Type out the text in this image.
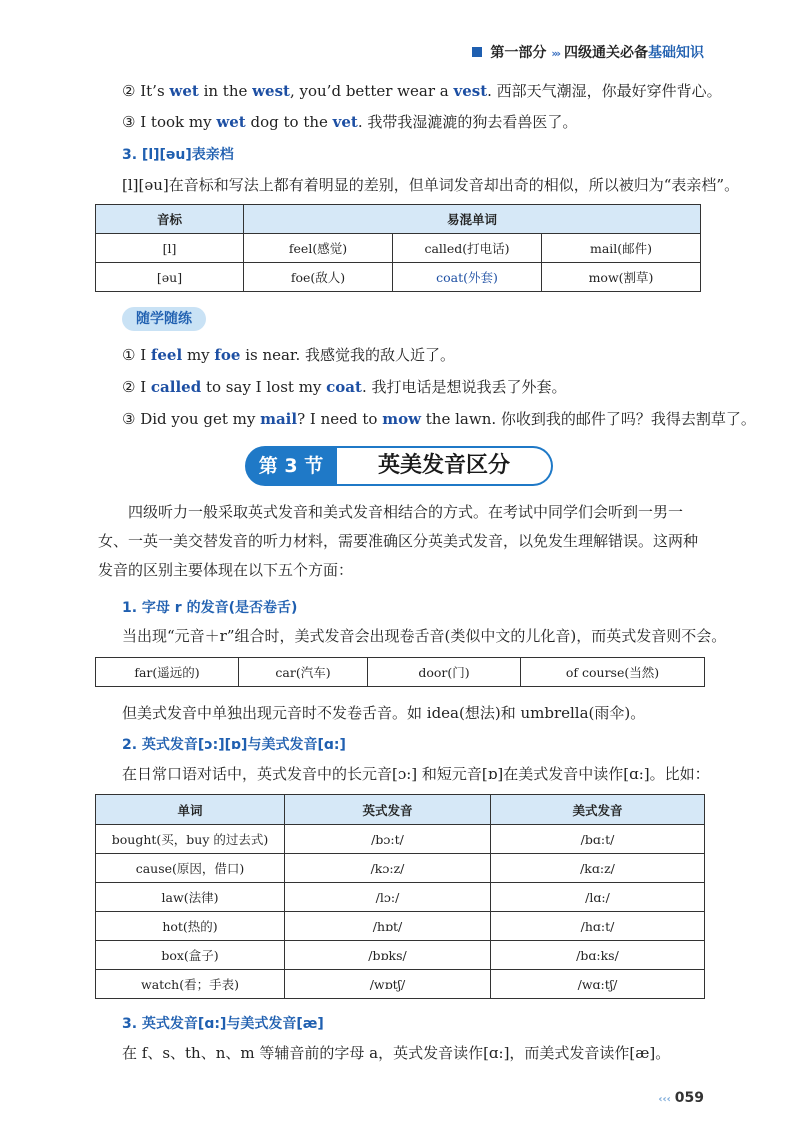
第一部分 ››› 四级通关必备基础知识
② It’s wet in the west, you’d better wear a vest. 西部天气潮湿，你最好穿件背心。
③ I took my wet dog to the vet. 我带我湿漉漉的狗去看兽医了。
3. [l][əu]表亲档
[l][əu]在音标和写法上都有着明显的差别，但单词发音却出奇的相似，所以被归为“表亲档”。
音标	易混单词		
[l]	feel(感觉)	called(打电话)	mail(邮件)
[əu]	foe(敌人)	coat(外套)	mow(割草)
随学随练
① I feel my foe is near. 我感觉我的敌人近了。
② I called to say I lost my coat. 我打电话是想说我丢了外套。
③ Did you get my mail? I need to mow the lawn. 你收到我的邮件了吗？我得去割草了。
第 3 节	英美发音区分
四级听力一般采取英式发音和美式发音相结合的方式。在考试中同学们会听到一男一女、一英一美交替发音的听力材料，需要准确区分英美式发音，以免发生理解错误。这两种发音的区别主要体现在以下五个方面：
1. 字母 r 的发音(是否卷舌)
当出现“元音＋r”组合时，美式发音会出现卷舌音(类似中文的儿化音)，而英式发音则不会。
far(遥远的)	car(汽车)	door(门)	of course(当然)
但美式发音中单独出现元音时不发卷舌音。如 idea(想法)和 umbrella(雨伞)。
2. 英式发音[ɔ:][ɒ]与美式发音[ɑ:]
在日常口语对话中，英式发音中的长元音[ɔ:] 和短元音[ɒ]在美式发音中读作[ɑ:]。比如：
单词	英式发音	美式发音
bought(买，buy 的过去式)	/bɔ:t/	/bɑ:t/
cause(原因，借口)	/kɔ:z/	/kɑ:z/
law(法律)	/lɔ:/	/lɑ:/
hot(热的)	/hɒt/	/hɑ:t/
box(盒子)	/bɒks/	/bɑ:ks/
watch(看；手表)	/wɒtʃ/	/wɑ:tʃ/
3. 英式发音[ɑ:]与美式发音[æ]
在 f、s、th、n、m 等辅音前的字母 a，英式发音读作[ɑ:]，而美式发音读作[æ]。
‹‹‹ 059
